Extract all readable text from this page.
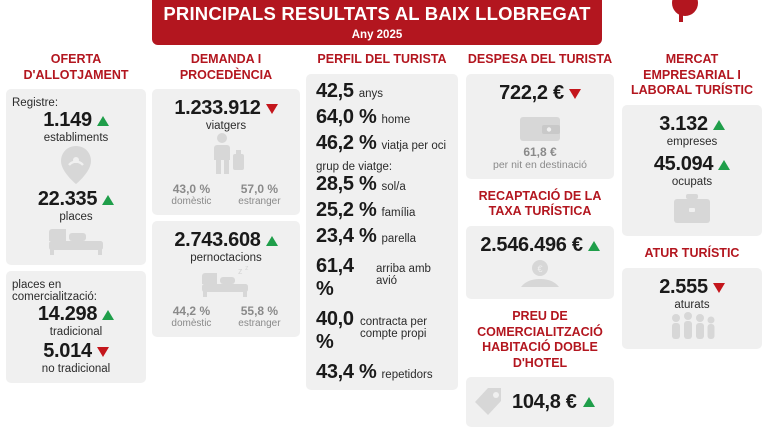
PRINCIPALS RESULTATS AL BAIX LLOBREGAT
Any 2025
OFERTA D'ALLOTJAMENT
Registre:
1.149
establiments
22.335
places
places en comercialització:
14.298
tradicional
5.014
no tradicional
DEMANDA I PROCEDÈNCIA
1.233.912
viatgers
43,0 %
domèstic
57,0 %
estranger
2.743.608
pernoctacions
z z
44,2 %
domèstic
55,8 %
estranger
PERFIL DEL TURISTA
42,5 anys
64,0 % home
46,2 % viatja per oci
grup de viatge:
28,5 % sol/a
25,2 % família
23,4 % parella
61,4 %
arriba amb avió
40,0 %
contracta per compte propi
43,4 % repetidors
DESPESA DEL TURISTA
722,2 €
61,8 €
per nit en destinació
RECAPTACIÓ DE LA TAXA TURÍSTICA
2.546.496 €
€
PREU DE COMERCIALITZACIÓ HABITACIÓ DOBLE D'HOTEL
104,8 €
MERCAT EMPRESARIAL I LABORAL TURÍSTIC
3.132
empreses
45.094
ocupats
ATUR TURÍSTIC
2.555
aturats
